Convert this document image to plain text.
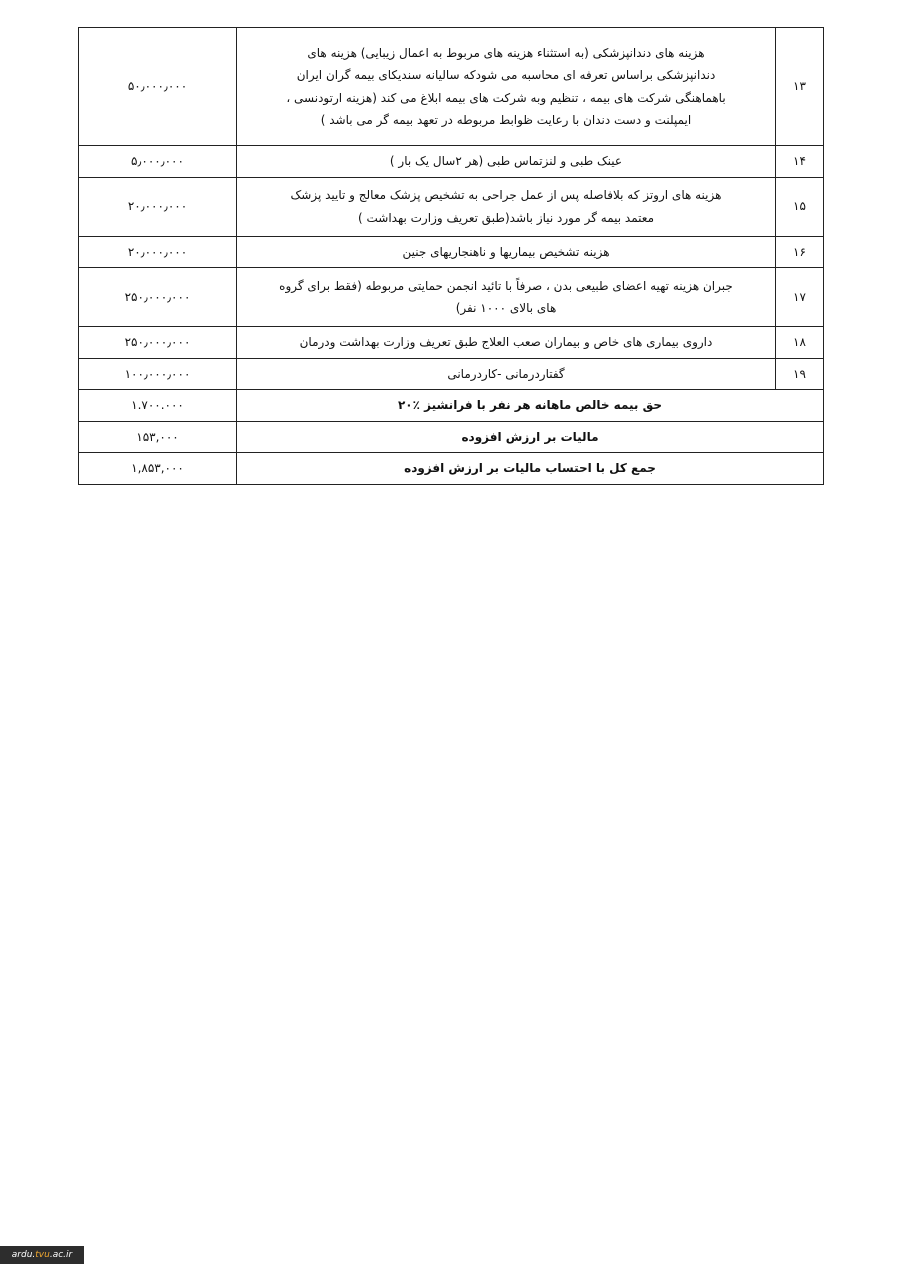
۱۳	هزینه های دندانپزشکی (به استثناء هزینه های مربوط به اعمال زیبایی) هزینه های
دندانپزشکی براساس تعرفه ای محاسبه می شودکه سالیانه سندیکای بیمه گران ایران
باهماهنگی شرکت های بیمه ، تنظیم وبه شرکت های بیمه ابلاغ می کند (هزینه ارتودنسی ،
ایمپلنت و دست دندان با رعایت ظوابط مربوطه در تعهد بیمه گر می باشد )	۵۰٫۰۰۰٫۰۰۰
۱۴	عینک طبی و لنزتماس طبی (هر ۲سال یک بار )	۵٫۰۰۰٫۰۰۰
۱۵	هزینه های اروتز که بلافاصله پس از عمل جراحی به تشخیص پزشک معالج و تایید پزشک
معتمد بیمه گر مورد نیاز باشد(طبق تعریف وزارت بهداشت )	۲۰٫۰۰۰٫۰۰۰
۱۶	هزینه تشخیص بیماریها و ناهنجاریهای جنین	۲۰٫۰۰۰٫۰۰۰
۱۷	جبران هزینه تهیه اعضای طبیعی بدن ، صرفاً با تائید انجمن حمایتی مربوطه (فقط برای گروه
های بالای ۱۰۰۰ نفر)	۲۵۰٫۰۰۰٫۰۰۰
۱۸	داروی بیماری های خاص و بیماران صعب العلاج طبق تعریف وزارت بهداشت ودرمان	۲۵۰٫۰۰۰٫۰۰۰
۱۹	گفتاردرمانی -کاردرمانی	۱۰۰٫۰۰۰٫۰۰۰
حق بیمه خالص ماهانه هر نفر با فرانشیز ٪۲۰		۱.۷۰۰.۰۰۰
مالیات بر ارزش افزوده		۱۵۳,۰۰۰
جمع کل با احتساب مالیات بر ارزش افزوده		۱,۸۵۳,۰۰۰
ardu.tvu.ac.ir
